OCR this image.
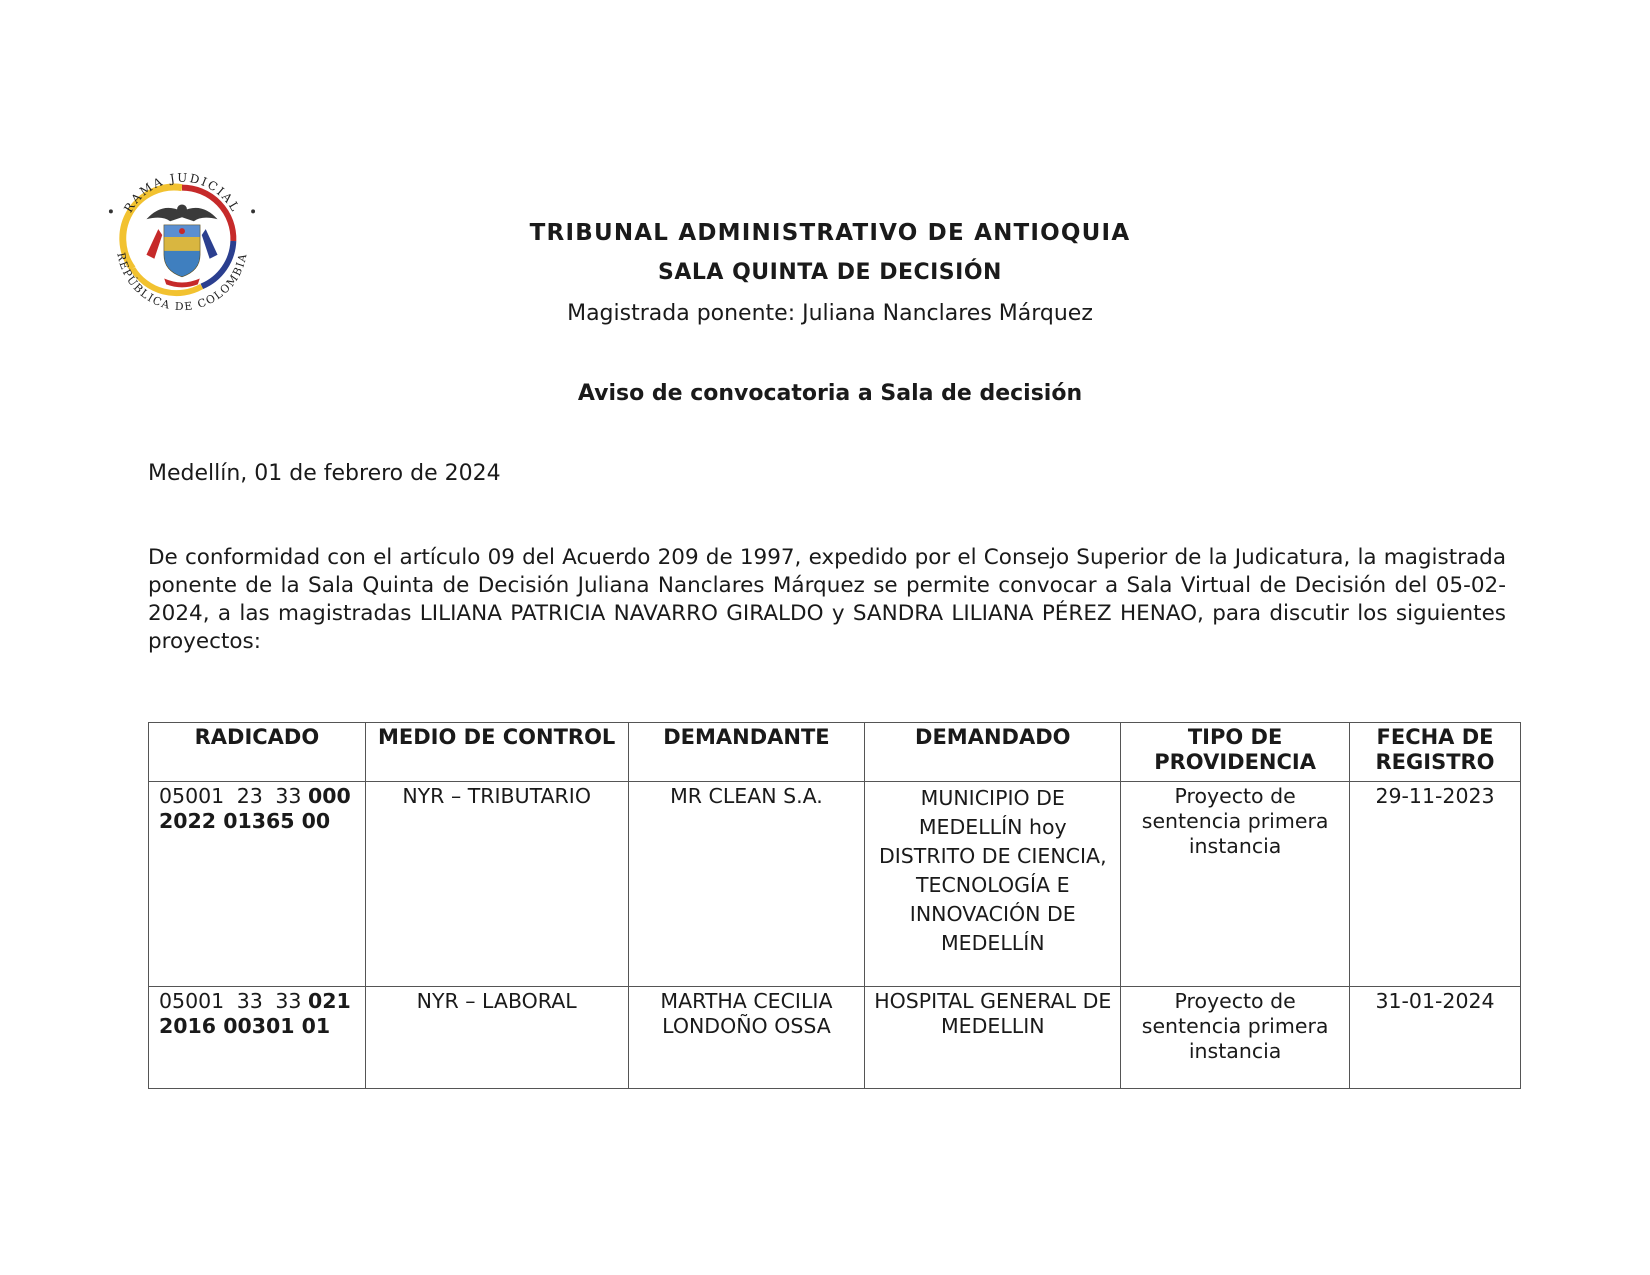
RAMA JUDICIAL
REPÚBLICA DE COLOMBIA
TRIBUNAL ADMINISTRATIVO DE ANTIOQUIA
SALA QUINTA DE DECISIÓN
Magistrada ponente: Juliana Nanclares Márquez
Aviso de convocatoria a Sala de decisión
Medellín, 01 de febrero de 2024
De conformidad con el artículo 09 del Acuerdo 209 de 1997, expedido por el Consejo Superior de la Judicatura, la magistrada ponente de la Sala Quinta de Decisión Juliana Nanclares Márquez se permite convocar a Sala Virtual de Decisión del 05-02-2024, a las magistradas LILIANA PATRICIA NAVARRO GIRALDO y SANDRA LILIANA PÉREZ HENAO, para discutir los siguientes proyectos:
RADICADO	MEDIO DE CONTROL	DEMANDANTE	DEMANDADO	TIPO DE PROVIDENCIA	FECHA DE REGISTRO
05001 23 33 000 2022 01365 00	NYR – TRIBUTARIO	MR CLEAN S.A.	MUNICIPIO DE MEDELLÍN hoy DISTRITO DE CIENCIA, TECNOLOGÍA E INNOVACIÓN DE MEDELLÍN	Proyecto de sentencia primera instancia	29-11-2023
05001 33 33 021 2016 00301 01	NYR – LABORAL	MARTHA CECILIA LONDOÑO OSSA	HOSPITAL GENERAL DE MEDELLIN	Proyecto de sentencia primera instancia	31-01-2024
